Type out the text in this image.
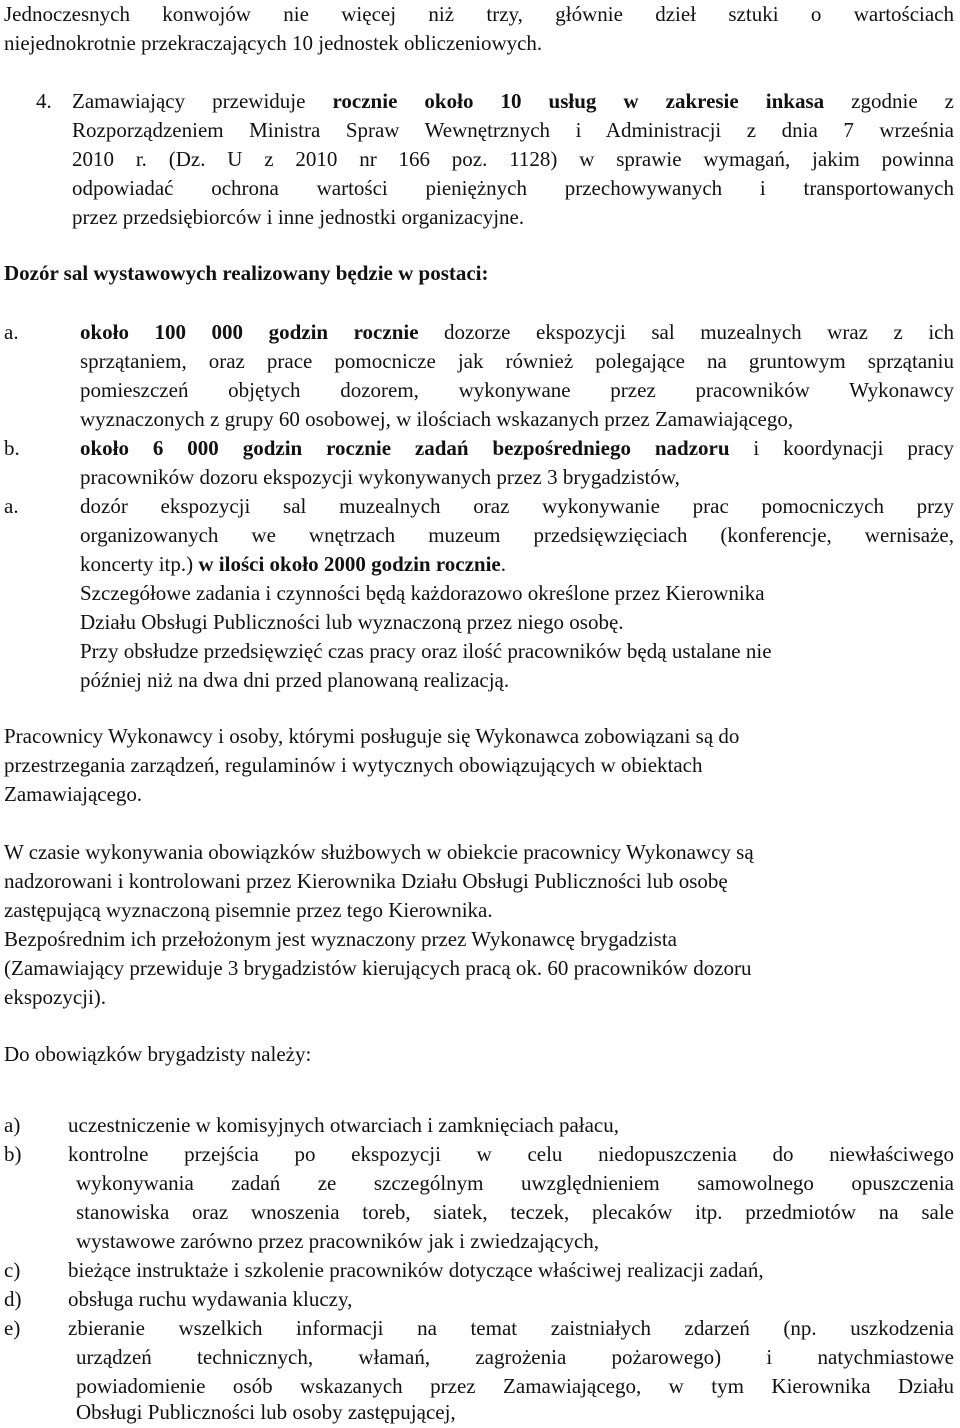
Jednoczesnych konwojów nie więcej niż trzy, głównie dzieł sztuki o wartościach
niejednokrotnie przekraczających 10 jednostek obliczeniowych.
4. Zamawiający przewiduje rocznie około 10 usług w zakresie inkasa zgodnie z
Rozporządzeniem Ministra Spraw Wewnętrznych i Administracji z dnia 7 września
2010 r. (Dz. U z 2010 nr 166 poz. 1128) w sprawie wymagań, jakim powinna
odpowiadać ochrona wartości pieniężnych przechowywanych i transportowanych
przez przedsiębiorców i inne jednostki organizacyjne.
Dozór sal wystawowych realizowany będzie w postaci:
a.	około 100 000 godzin rocznie dozorze ekspozycji sal muzealnych wraz z ich
sprzątaniem, oraz prace pomocnicze jak również polegające na gruntowym sprzątaniu
pomieszczeń objętych dozorem, wykonywane przez pracowników Wykonawcy
wyznaczonych z grupy 60 osobowej, w ilościach wskazanych przez Zamawiającego,
b.	około 6 000 godzin rocznie zadań bezpośredniego nadzoru i koordynacji pracy
pracowników dozoru ekspozycji wykonywanych przez 3 brygadzistów,
a.	dozór ekspozycji sal muzealnych oraz wykonywanie prac pomocniczych przy
organizowanych we wnętrzach muzeum przedsięwzięciach (konferencje, wernisaże,
koncerty itp.) w ilości około 2000 godzin rocznie.
Szczegółowe zadania i czynności będą każdorazowo określone przez Kierownika
Działu Obsługi Publiczności lub wyznaczoną przez niego osobę.
Przy obsłudze przedsięwzięć czas pracy oraz ilość pracowników będą ustalane nie
później niż na dwa dni przed planowaną realizacją.
Pracownicy Wykonawcy i osoby, którymi posługuje się Wykonawca zobowiązani są do
przestrzegania zarządzeń, regulaminów i wytycznych obowiązujących w obiektach
Zamawiającego.
W czasie wykonywania obowiązków służbowych w obiekcie pracownicy Wykonawcy są
nadzorowani i kontrolowani przez Kierownika Działu Obsługi Publiczności lub osobę
zastępującą wyznaczoną pisemnie przez tego Kierownika.
Bezpośrednim ich przełożonym jest wyznaczony przez Wykonawcę brygadzista
(Zamawiający przewiduje 3 brygadzistów kierujących pracą ok. 60 pracowników dozoru
ekspozycji).
Do obowiązków brygadzisty należy:
a) uczestniczenie w komisyjnych otwarciach i zamknięciach pałacu,
b) kontrolne przejścia po ekspozycji w celu niedopuszczenia do niewłaściwego
wykonywania zadań ze szczególnym uwzględnieniem samowolnego opuszczenia
stanowiska oraz wnoszenia toreb, siatek, teczek, plecaków itp. przedmiotów na sale
wystawowe zarówno przez pracowników jak i zwiedzających,
c) bieżące instruktaże i szkolenie pracowników dotyczące właściwej realizacji zadań,
d) obsługa ruchu wydawania kluczy,
e) zbieranie wszelkich informacji na temat zaistniałych zdarzeń (np. uszkodzenia
urządzeń technicznych, włamań, zagrożenia pożarowego) i natychmiastowe
powiadomienie osób wskazanych przez Zamawiającego, w tym Kierownika Działu
Obsługi Publiczności lub osoby zastępującej,
